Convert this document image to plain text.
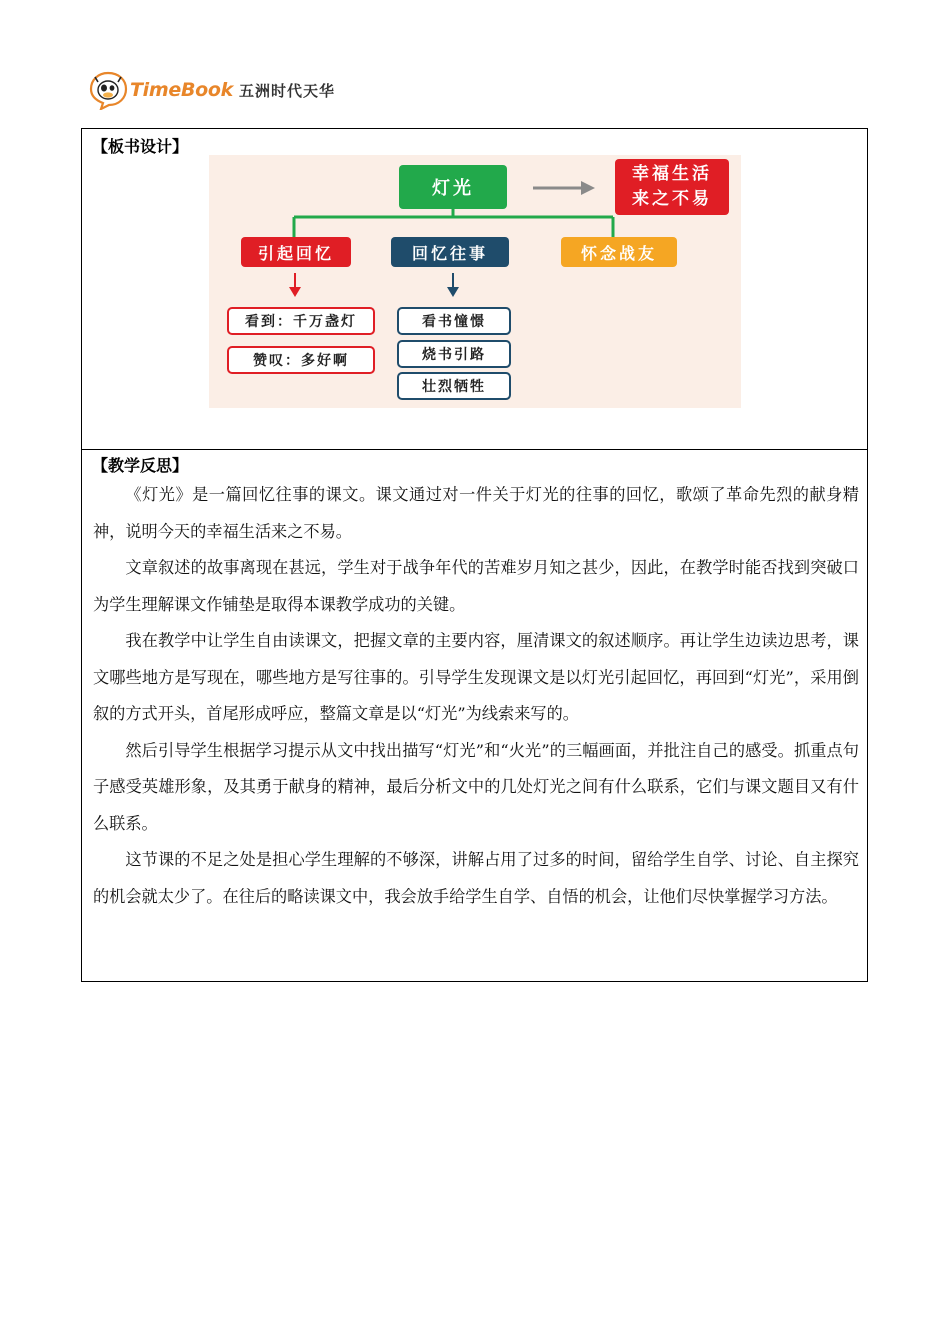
TimeBook 五洲时代天华
【板书设计】
灯光
幸福生活
来之不易
引起回忆	回忆往事	怀念战友
看到：千万盏灯
赞叹：多好啊
看书憧憬
烧书引路
壮烈牺牲
【教学反思】

《灯光》是一篇回忆往事的课文。课文通过对一件关于灯光的往事的回忆，歌颂了革命先烈的献身精神，说明今天的幸福生活来之不易。

文章叙述的故事离现在甚远，学生对于战争年代的苦难岁月知之甚少，因此，在教学时能否找到突破口为学生理解课文作铺垫是取得本课教学成功的关键。

我在教学中让学生自由读课文，把握文章的主要内容，厘清课文的叙述顺序。再让学生边读边思考，课文哪些地方是写现在，哪些地方是写往事的。引导学生发现课文是以灯光引起回忆，再回到“灯光”，采用倒叙的方式开头，首尾形成呼应，整篇文章是以“灯光”为线索来写的。

然后引导学生根据学习提示从文中找出描写“灯光”和“火光”的三幅画面，并批注自己的感受。抓重点句子感受英雄形象，及其勇于献身的精神，最后分析文中的几处灯光之间有什么联系，它们与课文题目又有什么联系。

这节课的不足之处是担心学生理解的不够深，讲解占用了过多的时间，留给学生自学、讨论、自主探究的机会就太少了。在往后的略读课文中，我会放手给学生自学、自悟的机会，让他们尽快掌握学习方法。
